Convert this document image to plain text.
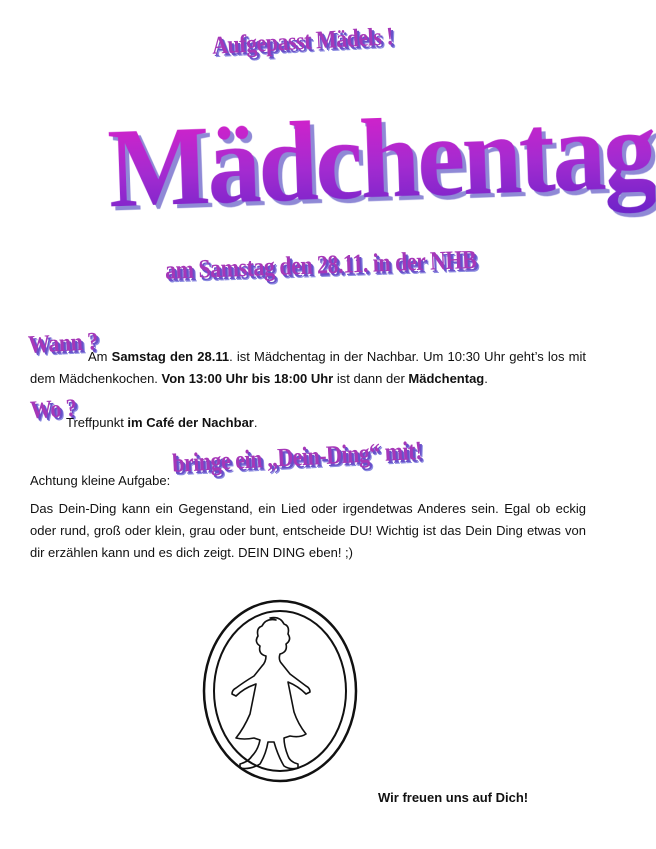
Aufgepasst Mädels !
Mädchentag
am Samstag den 28.11. in der NHB
Wann ?
Am Samstag den 28.11. ist Mädchentag in der Nachbar. Um 10:30 Uhr geht’s los mit dem Mädchenkochen. Von 13:00 Uhr bis 18:00 Uhr ist dann der Mädchentag.
Wo ?
Treffpunkt im Café der Nachbar.
Achtung kleine Aufgabe:
bringe ein „Dein-Ding“ mit!
Das Dein-Ding kann ein Gegenstand, ein Lied oder irgendetwas Anderes sein. Egal ob eckig oder rund, groß oder klein, grau oder bunt, entscheide DU! Wichtig ist das Dein Ding etwas von dir erzählen kann und es dich zeigt. DEIN DING eben! ;)
Wir freuen uns auf Dich!
